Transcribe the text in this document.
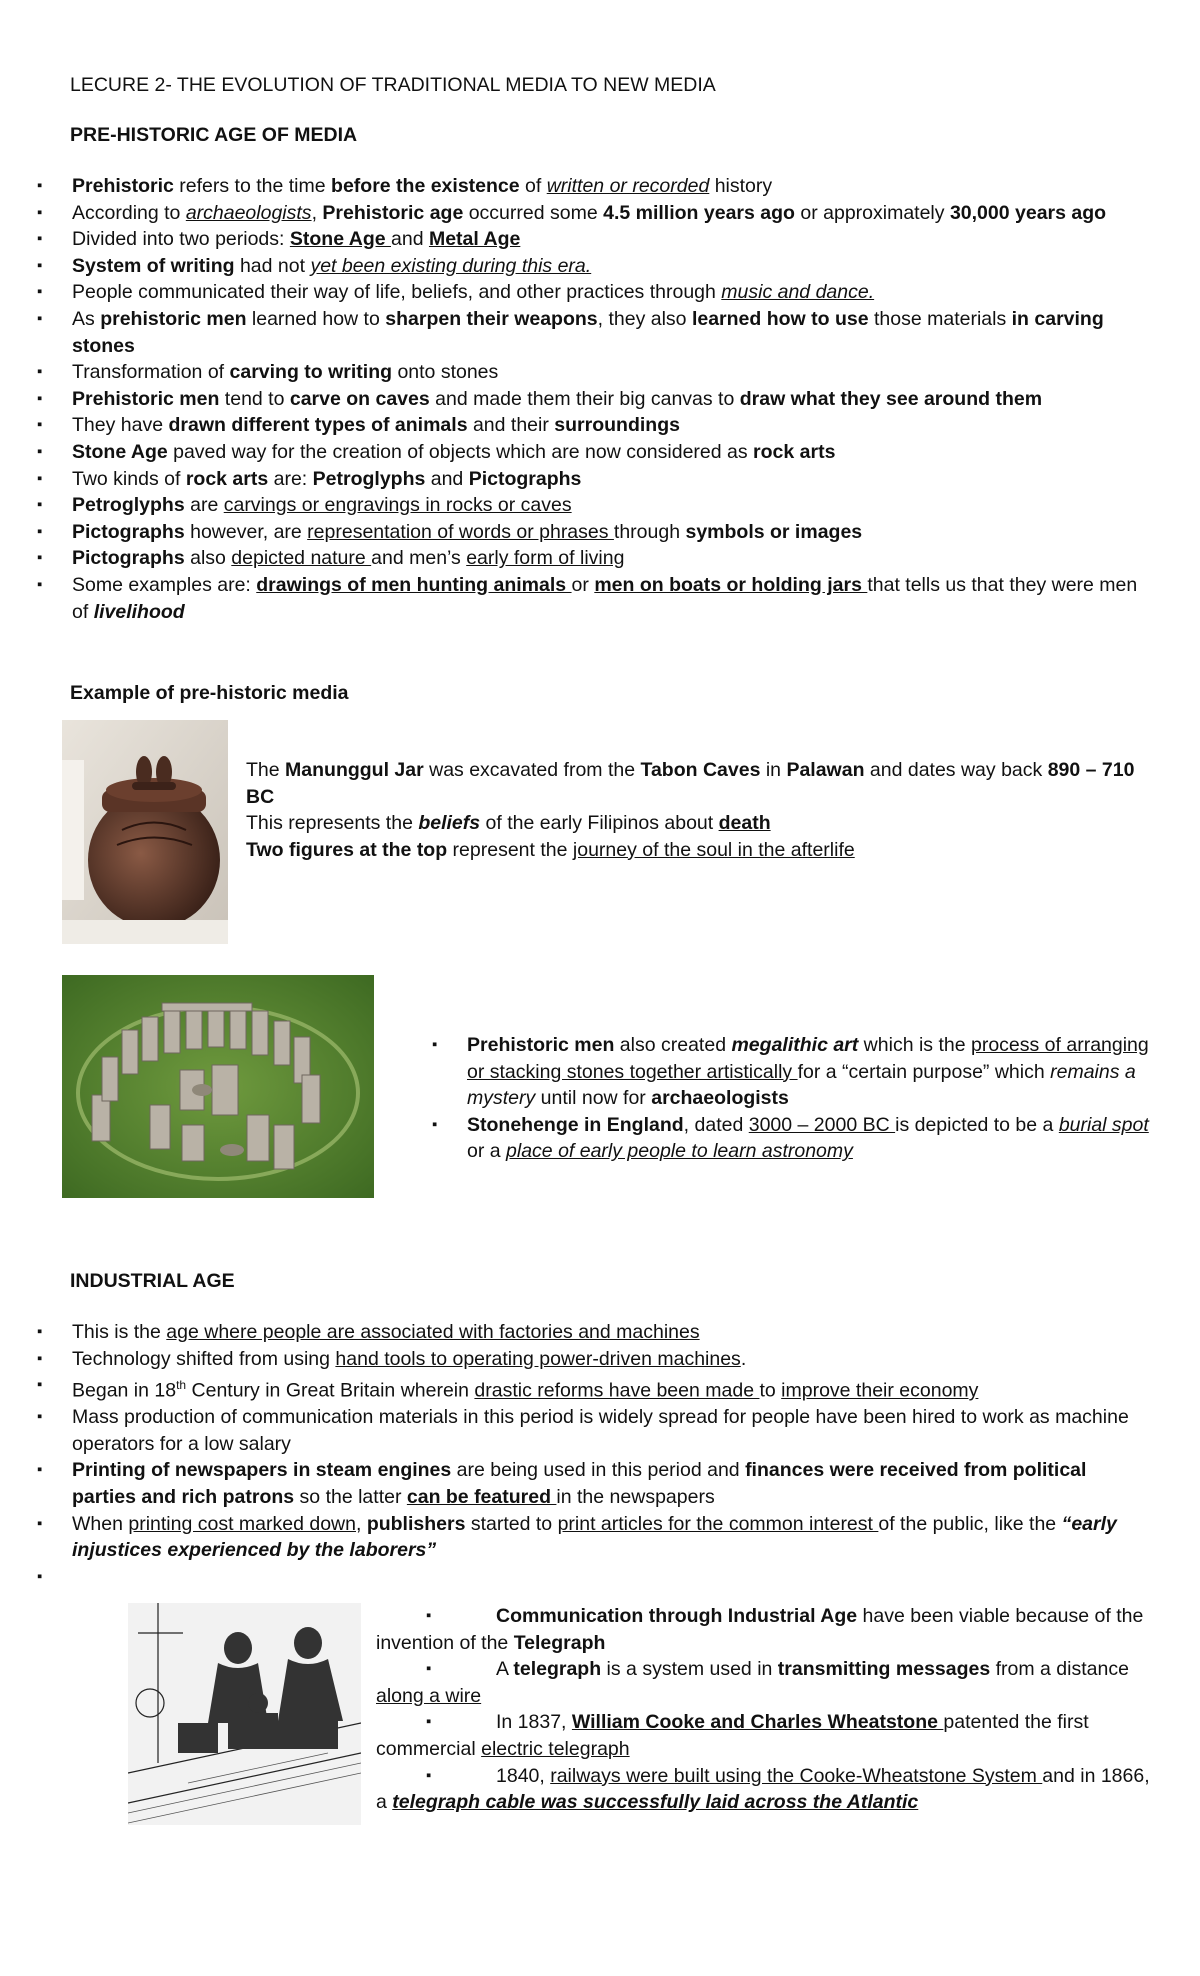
LECURE 2- THE EVOLUTION OF TRADITIONAL MEDIA TO NEW MEDIA
PRE-HISTORIC AGE OF MEDIA
▪ Prehistoric refers to the time before the existence of written or recorded history
▪ According to archaeologists, Prehistoric age occurred some 4.5 million years ago or approximately 30,000 years ago
▪ Divided into two periods: Stone Age and Metal Age
▪ System of writing had not yet been existing during this era.
▪ People communicated their way of life, beliefs, and other practices through music and dance.
▪ As prehistoric men learned how to sharpen their weapons, they also learned how to use those materials in carving stones
▪ Transformation of carving to writing onto stones
▪ Prehistoric men tend to carve on caves and made them their big canvas to draw what they see around them
▪ They have drawn different types of animals and their surroundings
▪ Stone Age paved way for the creation of objects which are now considered as rock arts
▪ Two kinds of rock arts are: Petroglyphs and Pictographs
▪ Petroglyphs are carvings or engravings in rocks or caves
▪ Pictographs however, are representation of words or phrases through symbols or images
▪ Pictographs also depicted nature and men’s early form of living
▪ Some examples are: drawings of men hunting animals or men on boats or holding jars that tells us that they were men of livelihood
Example of pre-historic media
The Manunggul Jar was excavated from the Tabon Caves in Palawan and dates way back 890 – 710 BC
This represents the beliefs of the early Filipinos about death
Two figures at the top represent the journey of the soul in the afterlife
▪ Prehistoric men also created megalithic art which is the process of arranging or stacking stones together artistically for a “certain purpose” which remains a mystery until now for archaeologists
▪ Stonehenge in England, dated 3000 – 2000 BC is depicted to be a burial spot or a place of early people to learn astronomy
INDUSTRIAL AGE
▪ This is the age where people are associated with factories and machines
▪ Technology shifted from using hand tools to operating power-driven machines.
▪ Began in 18th Century in Great Britain wherein drastic reforms have been made to improve their economy
▪ Mass production of communication materials in this period is widely spread for people have been hired to work as machine operators for a low salary
▪ Printing of newspapers in steam engines are being used in this period and finances were received from political parties and rich patrons so the latter can be featured in the newspapers
▪ When printing cost marked down, publishers started to print articles for the common interest of the public, like the “early injustices experienced by the laborers”
▪
▪ Communication through Industrial Age have been viable because of the invention of the Telegraph
▪ A telegraph is a system used in transmitting messages from a distance along a wire
▪ In 1837, William Cooke and Charles Wheatstone patented the first commercial electric telegraph
▪ 1840, railways were built using the Cooke-Wheatstone System and in 1866, a telegraph cable was successfully laid across the Atlantic
